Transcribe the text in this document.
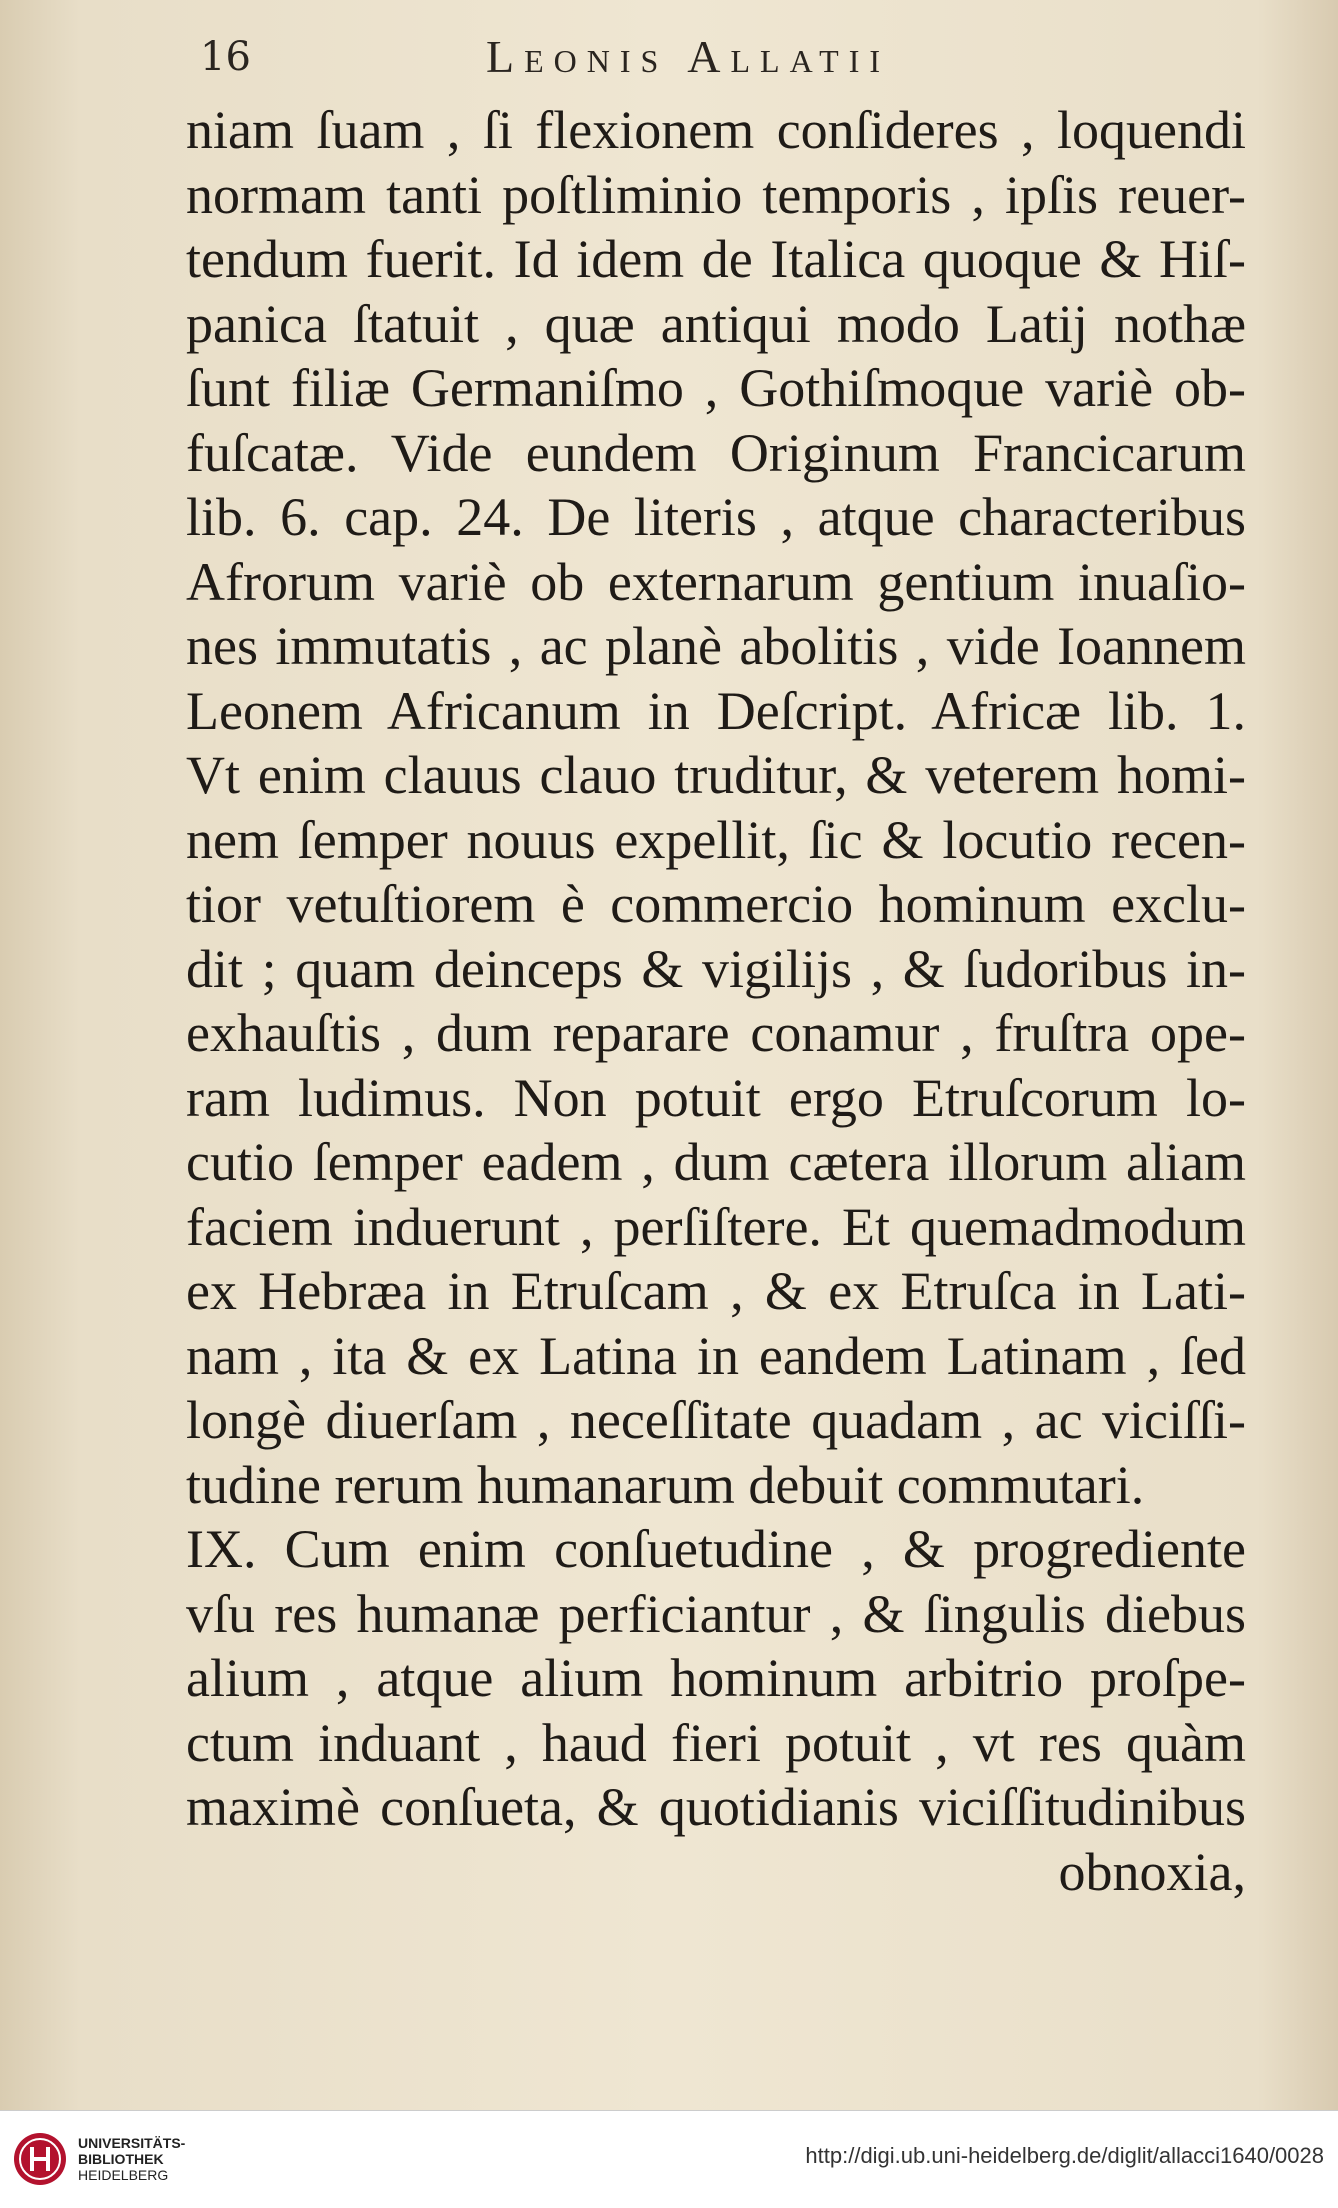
16	Leonis Allatii
niam ſuam , ſi flexionem conſideres , loquendi
normam tanti poſtliminio temporis , ipſis reuer-
tendum fuerit. Id idem de Italica quoque & Hiſ-
panica ſtatuit , quæ antiqui modo Latij nothæ
ſunt filiæ Germaniſmo , Gothiſmoque variè ob-
fuſcatæ. Vide eundem Originum Francicarum
lib. 6. cap. 24. De literis , atque characteribus
Afrorum variè ob externarum gentium inuaſio-
nes immutatis , ac planè abolitis , vide Ioannem
Leonem Africanum in Deſcript. Africæ lib. 1.
Vt enim clauus clauo truditur, & veterem homi-
nem ſemper nouus expellit, ſic & locutio recen-
tior vetuſtiorem è commercio hominum exclu-
dit ; quam deinceps & vigilijs , & ſudoribus in-
exhauſtis , dum reparare conamur , fruſtra ope-
ram ludimus. Non potuit ergo Etruſcorum lo-
cutio ſemper eadem , dum cætera illorum aliam
faciem induerunt , perſiſtere. Et quemadmodum
ex Hebræa in Etruſcam , & ex Etruſca in Lati-
nam , ita & ex Latina in eandem Latinam , ſed
longè diuerſam , neceſſitate quadam , ac viciſſi-
tudine rerum humanarum debuit commutari.
IX. Cum enim conſuetudine , & progrediente
vſu res humanæ perficiantur , & ſingulis diebus
alium , atque alium hominum arbitrio proſpe-
ctum induant , haud fieri potuit , vt res quàm
maximè conſueta, & quotidianis viciſſitudinibus
obnoxia,
UNIVERSITÄTS-
BIBLIOTHEK
HEIDELBERG
http://digi.ub.uni-heidelberg.de/diglit/allacci1640/0028
